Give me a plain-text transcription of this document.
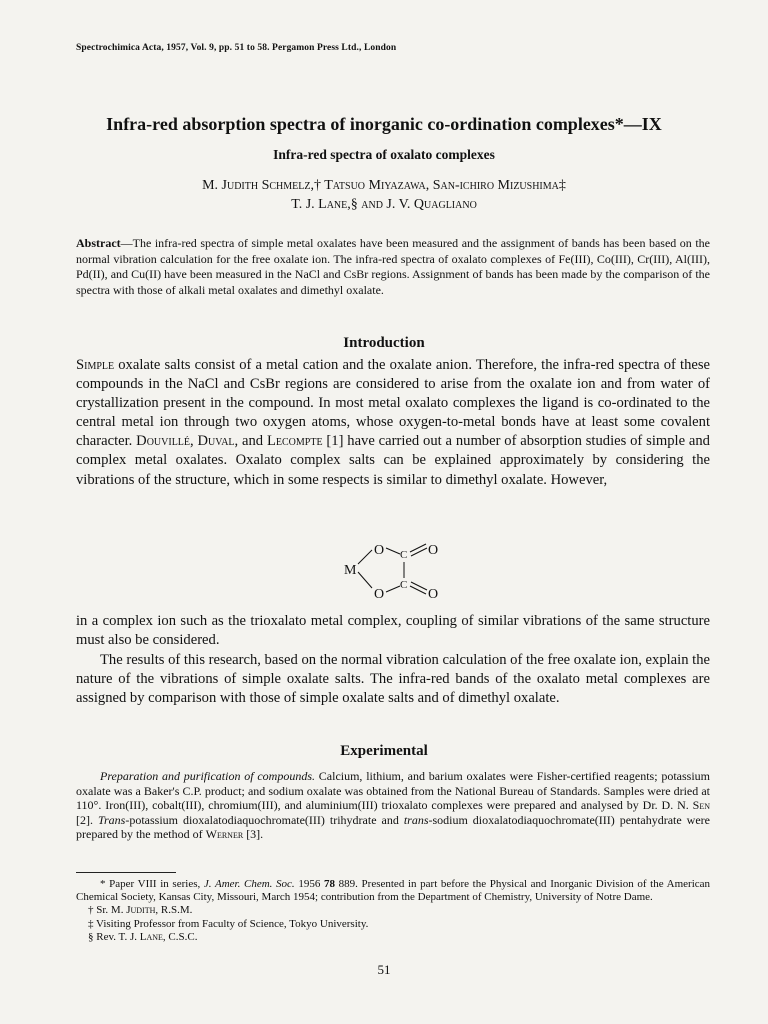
Spectrochimica Acta, 1957, Vol. 9, pp. 51 to 58. Pergamon Press Ltd., London
Infra-red absorption spectra of inorganic co-ordination complexes*—IX
Infra-red spectra of oxalato complexes
M. Judith Schmelz,† Tatsuo Miyazawa, San-ichiro Mizushima‡
T. J. Lane,§ and J. V. Quagliano
Abstract—The infra-red spectra of simple metal oxalates have been measured and the assignment of bands has been based on the normal vibration calculation for the free oxalate ion. The infra-red spectra of oxalato complexes of Fe(III), Co(III), Cr(III), Al(III), Pd(II), and Cu(II) have been measured in the NaCl and CsBr regions. Assignment of bands has been made by the comparison of the spectra with those of alkali metal oxalates and dimethyl oxalate.
Introduction

Simple oxalate salts consist of a metal cation and the oxalate anion. Therefore, the infra-red spectra of these compounds in the NaCl and CsBr regions are considered to arise from the oxalate ion and from water of crystallization present in the compound. In most metal oxalato complexes the ligand is co-ordinated to the central metal ion through two oxygen atoms, whose oxygen-to-metal bonds have at least some covalent character. Douvillé, Duval, and Lecompte [1] have carried out a number of absorption studies of simple and complex metal oxalates. Oxalato complex salts can be explained approximately by considering the vibrations of the structure, which in some respects is similar to dimethyl oxalate. However,

M
O
O
C
C
O
O

in a complex ion such as the trioxalato metal complex, coupling of similar vibrations of the same structure must also be considered.

The results of this research, based on the normal vibration calculation of the free oxalate ion, explain the nature of the vibrations of simple oxalate salts. The infra-red bands of the oxalato metal complexes are assigned by comparison with those of simple oxalate salts and of dimethyl oxalate.

Experimental

Preparation and purification of compounds. Calcium, lithium, and barium oxalates were Fisher-certified reagents; potassium oxalate was a Baker's C.P. product; and sodium oxalate was obtained from the National Bureau of Standards. Samples were dried at 110°. Iron(III), cobalt(III), chromium(III), and aluminium(III) trioxalato complexes were prepared and analysed by Dr. D. N. Sen [2]. Trans-potassium dioxalatodiaquochromate(III) trihydrate and trans-sodium dioxalatodiaquochromate(III) pentahydrate were prepared by the method of Werner [3].

* Paper VIII in series, J. Amer. Chem. Soc. 1956 78 889. Presented in part before the Physical and Inorganic Division of the American Chemical Society, Kansas City, Missouri, March 1954; contribution from the Department of Chemistry, University of Notre Dame.
† Sr. M. Judith, R.S.M.
‡ Visiting Professor from Faculty of Science, Tokyo University.
§ Rev. T. J. Lane, C.S.C.
51
